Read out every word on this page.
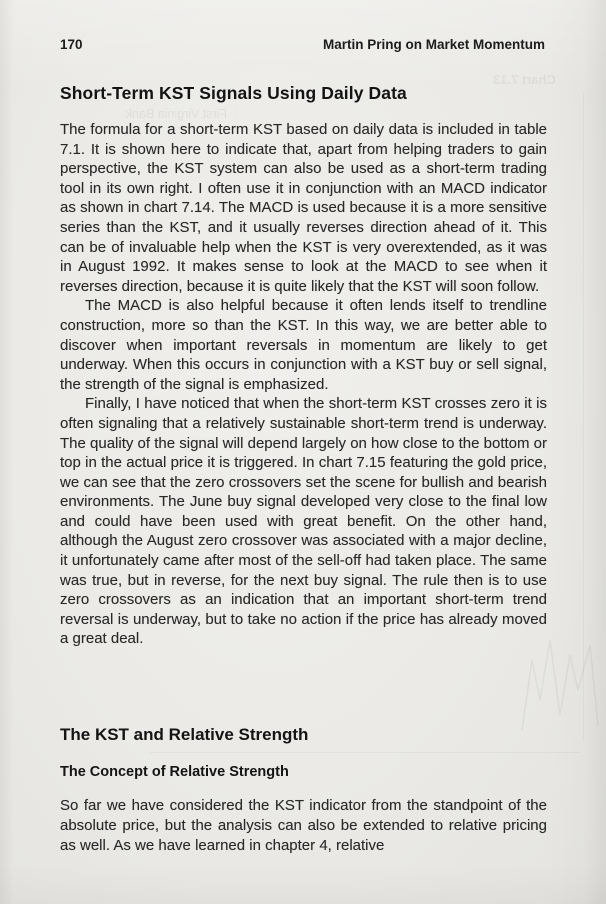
Chart 7.13
First Virginia Bank
170	Martin Pring on Market Momentum
Short-Term KST Signals Using Daily Data

The formula for a short-term KST based on daily data is included in table 7.1. It is shown here to indicate that, apart from helping traders to gain perspective, the KST system can also be used as a short-term trading tool in its own right. I often use it in conjunction with an MACD indicator as shown in chart 7.14. The MACD is used because it is a more sensitive series than the KST, and it usually reverses direction ahead of it. This can be of invaluable help when the KST is very overextended, as it was in August 1992. It makes sense to look at the MACD to see when it reverses direction, because it is quite likely that the KST will soon follow.

The MACD is also helpful because it often lends itself to trendline construction, more so than the KST. In this way, we are better able to discover when important reversals in momentum are likely to get underway. When this occurs in conjunction with a KST buy or sell signal, the strength of the signal is emphasized.

Finally, I have noticed that when the short-term KST crosses zero it is often signaling that a relatively sustainable short-term trend is underway. The quality of the signal will depend largely on how close to the bottom or top in the actual price it is triggered. In chart 7.15 featuring the gold price, we can see that the zero crossovers set the scene for bullish and bearish environments. The June buy signal developed very close to the final low and could have been used with great benefit. On the other hand, although the August zero crossover was associated with a major decline, it unfortunately came after most of the sell-off had taken place. The same was true, but in reverse, for the next buy signal. The rule then is to use zero crossovers as an indication that an important short-term trend reversal is underway, but to take no action if the price has already moved a great deal.

The KST and Relative Strength
The Concept of Relative Strength

So far we have considered the KST indicator from the standpoint of the absolute price, but the analysis can also be extended to relative pricing as well. As we have learned in chapter 4, relative
